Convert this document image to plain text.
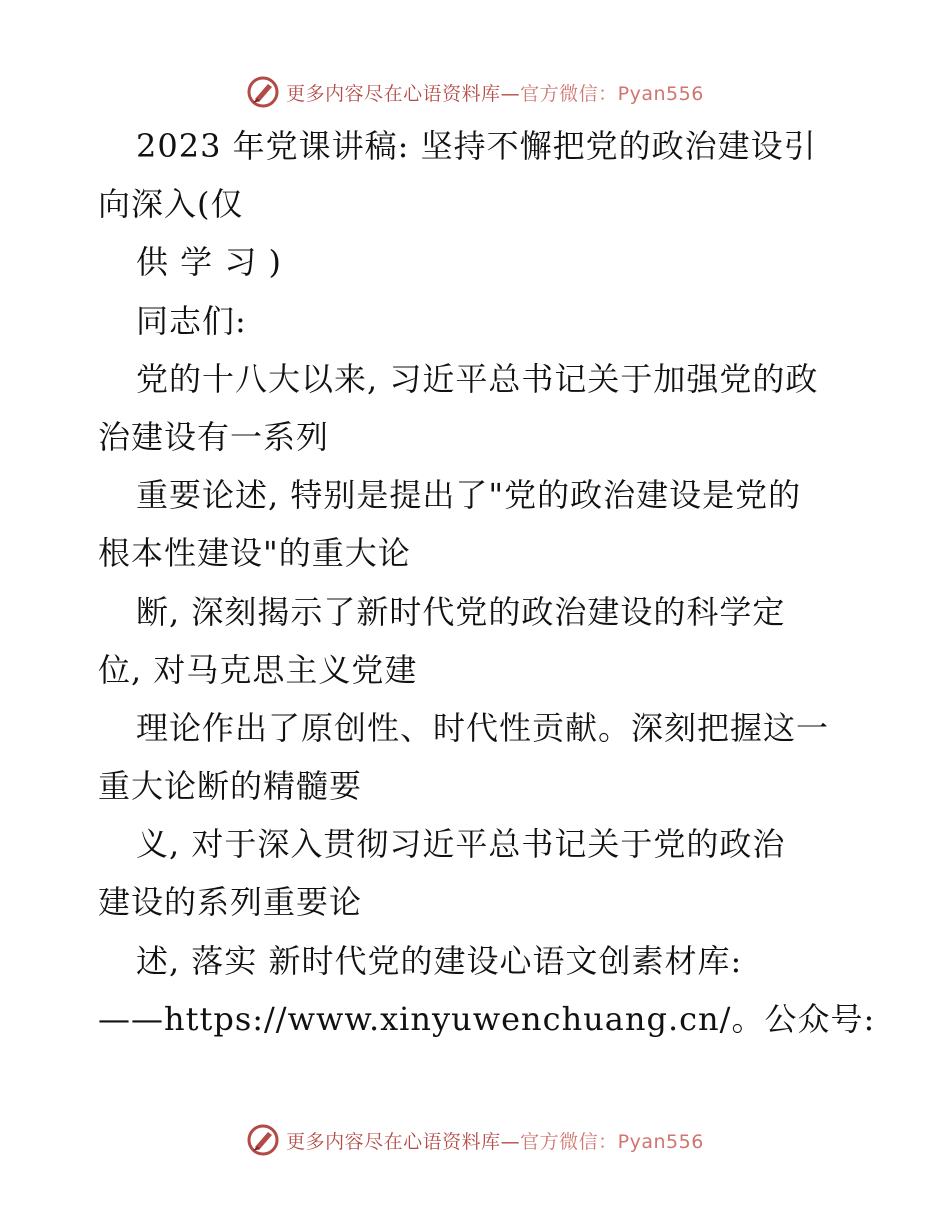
更多内容尽在心语资料库—官方微信：Pyan556
2023 年党课讲稿: 坚持不懈把党的政治建设引
向深入(仅
供 学 习 )
同志们:
党的十八大以来, 习近平总书记关于加强党的政
治建设有一系列
重要论述, 特别是提出了"党的政治建设是党的
根本性建设"的重大论
断, 深刻揭示了新时代党的政治建设的科学定
位, 对马克思主义党建
理论作出了原创性、时代性贡献。深刻把握这一
重大论断的精髓要
义, 对于深入贯彻习近平总书记关于党的政治
建设的系列重要论
述, 落实 新时代党的建设心语文创素材库:
——https://www.xinyuwenchuang.cn/。公众号:
更多内容尽在心语资料库—官方微信：Pyan556
